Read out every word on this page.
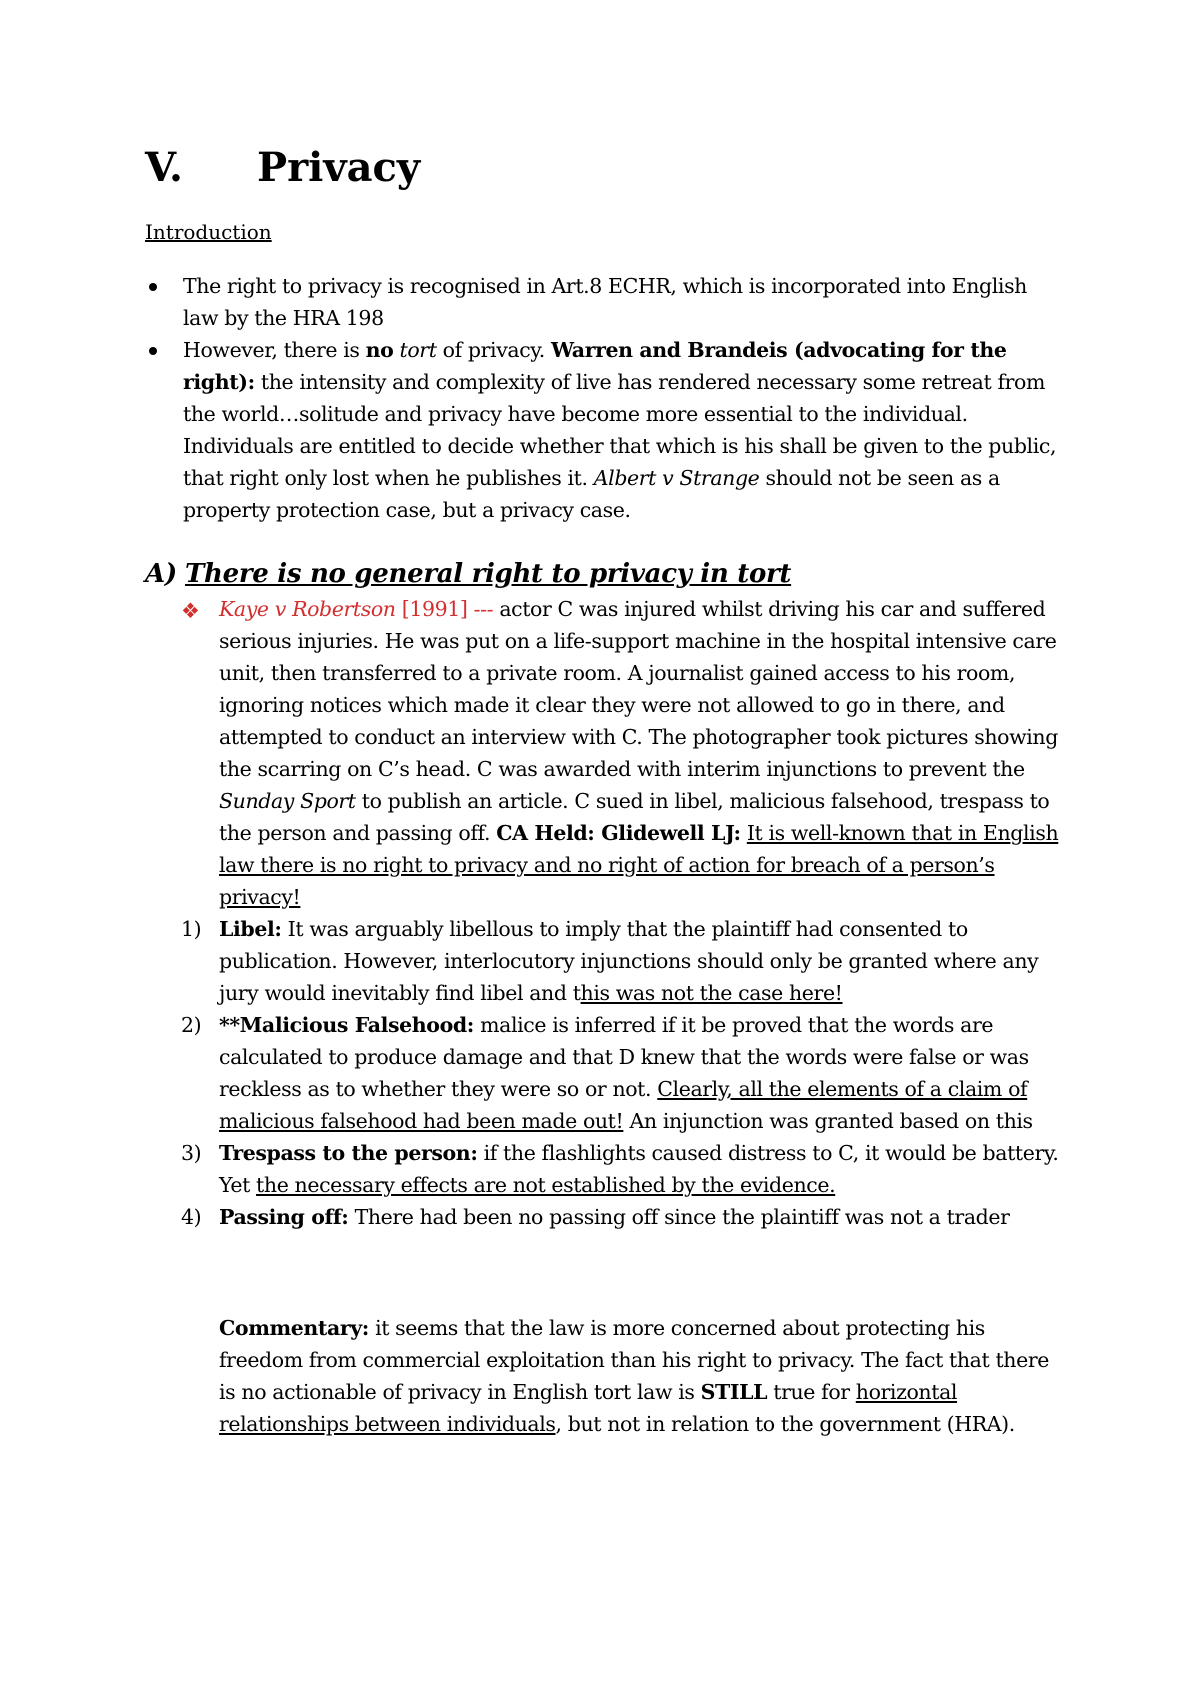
V. Privacy

Introduction

The right to privacy is recognised in Art.8 ECHR, which is incorporated into English law by the HRA 198
However, there is no tort of privacy. Warren and Brandeis (advocating for the right): the intensity and complexity of live has rendered necessary some retreat from the world…solitude and privacy have become more essential to the individual. Individuals are entitled to decide whether that which is his shall be given to the public, that right only lost when he publishes it. Albert v Strange should not be seen as a property protection case, but a privacy case.
A) There is no general right to privacy in tort
❖ Kaye v Robertson [1991] --- actor C was injured whilst driving his car and suffered serious injuries. He was put on a life-support machine in the hospital intensive care unit, then transferred to a private room. A journalist gained access to his room, ignoring notices which made it clear they were not allowed to go in there, and attempted to conduct an interview with C. The photographer took pictures showing the scarring on C’s head. C was awarded with interim injunctions to prevent the Sunday Sport to publish an article. C sued in libel, malicious falsehood, trespass to the person and passing off. CA Held: Glidewell LJ: It is well-known that in English law there is no right to privacy and no right of action for breach of a person’s privacy!
1) Libel: It was arguably libellous to imply that the plaintiff had consented to publication. However, interlocutory injunctions should only be granted where any jury would inevitably find libel and this was not the case here!
2) **Malicious Falsehood: malice is inferred if it be proved that the words are calculated to produce damage and that D knew that the words were false or was reckless as to whether they were so or not. Clearly, all the elements of a claim of malicious falsehood had been made out! An injunction was granted based on this
3) Trespass to the person: if the flashlights caused distress to C, it would be battery. Yet the necessary effects are not established by the evidence.
4) Passing off: There had been no passing off since the plaintiff was not a trader

Commentary: it seems that the law is more concerned about protecting his freedom from commercial exploitation than his right to privacy. The fact that there is no actionable of privacy in English tort law is STILL true for horizontal relationships between individuals, but not in relation to the government (HRA).
